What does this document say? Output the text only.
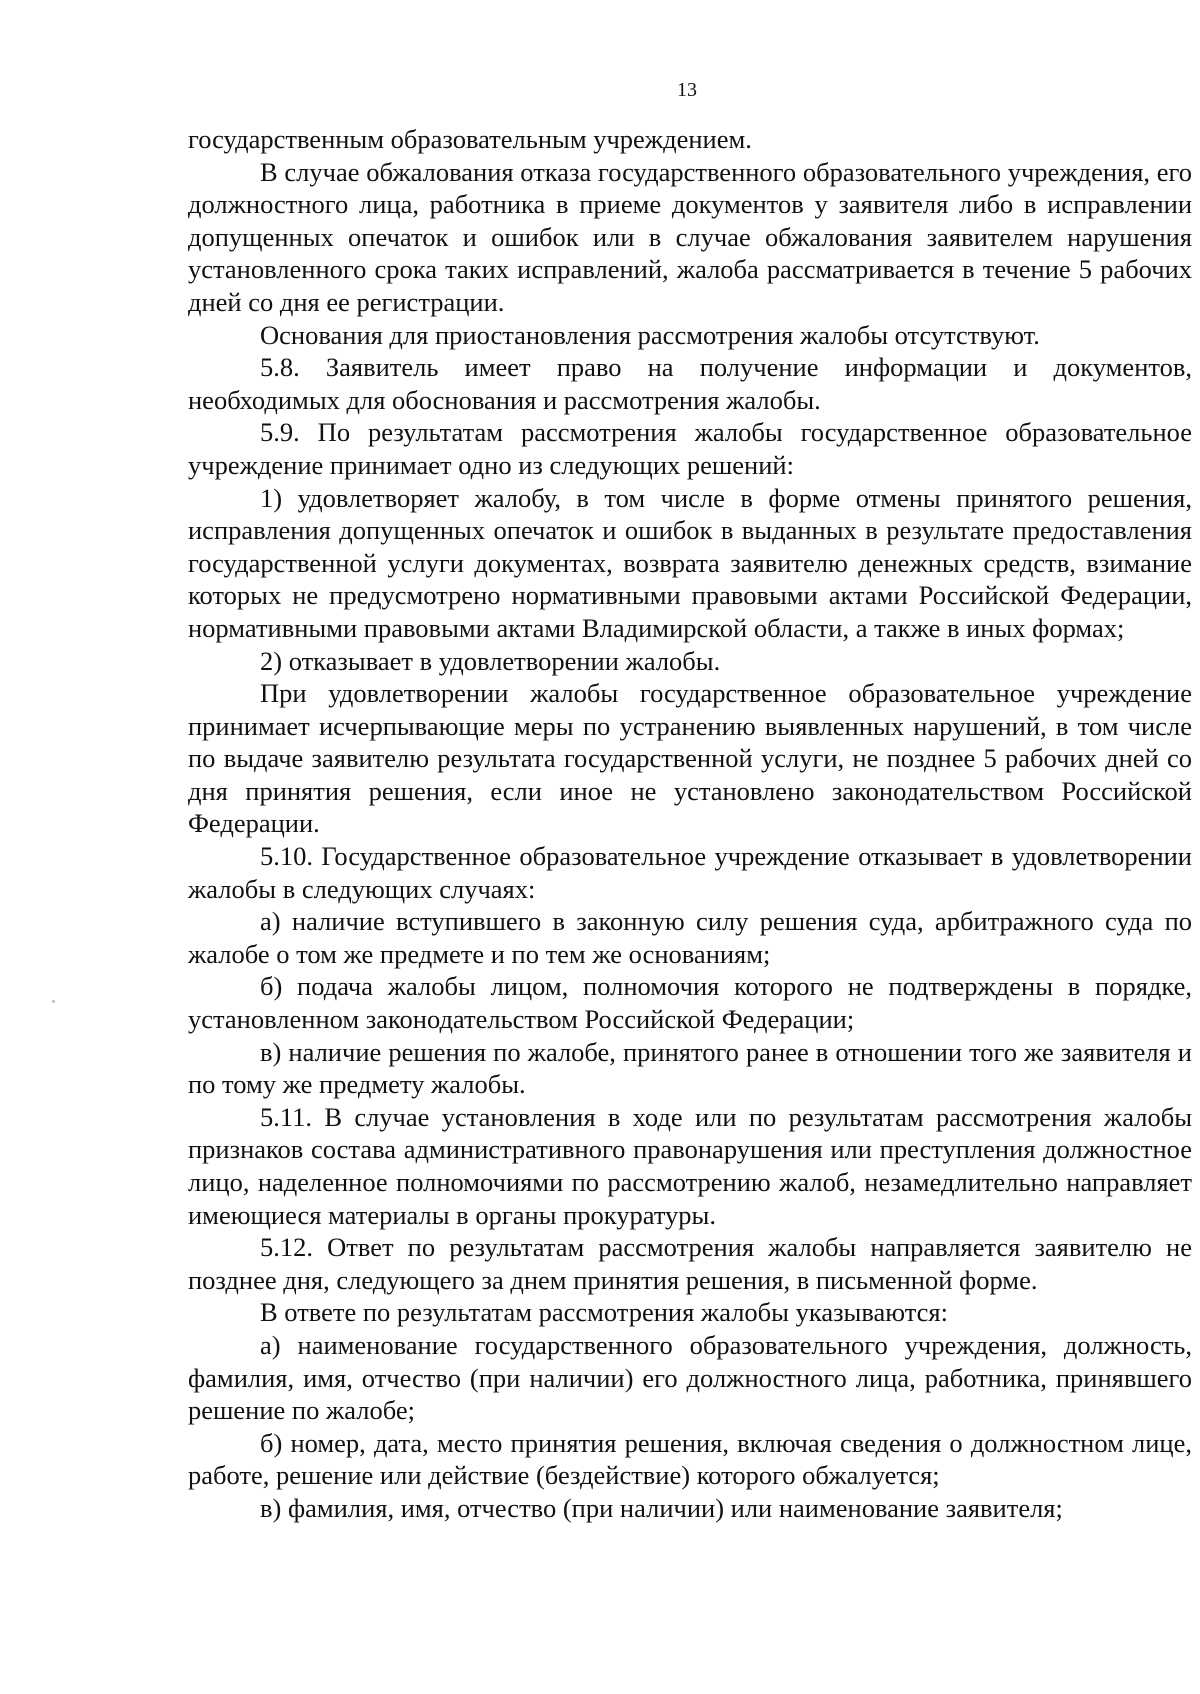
13

государственным образовательным учреждением.

В случае обжалования отказа государственного образовательного учреждения, его должностного лица, работника в приеме документов у заявителя либо в исправлении допущенных опечаток и ошибок или в случае обжалования заявителем нарушения установленного срока таких исправлений, жалоба рассматривается в течение 5 рабочих дней со дня ее регистрации.

Основания для приостановления рассмотрения жалобы отсутствуют.

5.8. Заявитель имеет право на получение информации и документов, необходимых для обоснования и рассмотрения жалобы.

5.9. По результатам рассмотрения жалобы государственное образовательное учреждение принимает одно из следующих решений:

1) удовлетворяет жалобу, в том числе в форме отмены принятого решения, исправления допущенных опечаток и ошибок в выданных в результате предоставления государственной услуги документах, возврата заявителю денежных средств, взимание которых не предусмотрено нормативными правовыми актами Российской Федерации, нормативными правовыми актами Владимирской области, а также в иных формах;

2) отказывает в удовлетворении жалобы.

При удовлетворении жалобы государственное образовательное учреждение принимает исчерпывающие меры по устранению выявленных нарушений, в том числе по выдаче заявителю результата государственной услуги, не позднее 5 рабочих дней со дня принятия решения, если иное не установлено законодательством Российской Федерации.

5.10. Государственное образовательное учреждение отказывает в удовлетворении жалобы в следующих случаях:

а) наличие вступившего в законную силу решения суда, арбитражного суда по жалобе о том же предмете и по тем же основаниям;

б) подача жалобы лицом, полномочия которого не подтверждены в порядке, установленном законодательством Российской Федерации;

в) наличие решения по жалобе, принятого ранее в отношении того же заявителя и по тому же предмету жалобы.

5.11. В случае установления в ходе или по результатам рассмотрения жалобы признаков состава административного правонарушения или преступления должностное лицо, наделенное полномочиями по рассмотрению жалоб, незамедлительно направляет имеющиеся материалы в органы прокуратуры.

5.12. Ответ по результатам рассмотрения жалобы направляется заявителю не позднее дня, следующего за днем принятия решения, в письменной форме.

В ответе по результатам рассмотрения жалобы указываются:

а) наименование государственного образовательного учреждения, должность, фамилия, имя, отчество (при наличии) его должностного лица, работника, принявшего решение по жалобе;

б) номер, дата, место принятия решения, включая сведения о должностном лице, работе, решение или действие (бездействие) которого обжалуется;

в) фамилия, имя, отчество (при наличии) или наименование заявителя;
